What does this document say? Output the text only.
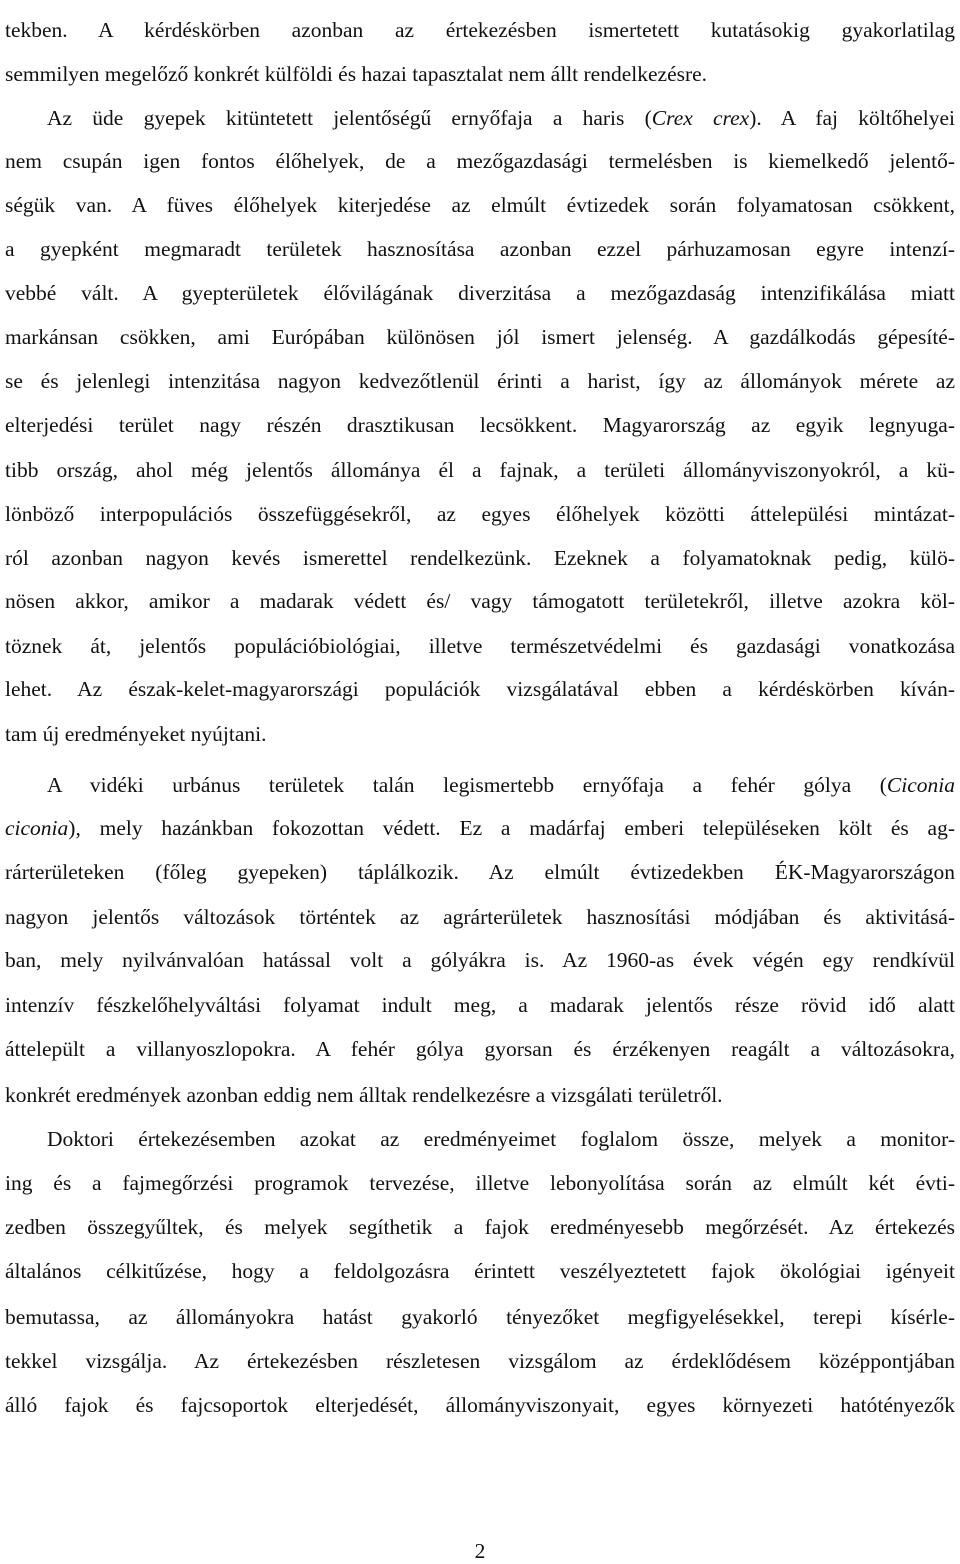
tekben. A kérdéskörben azonban az értekezésben ismertetett kutatásokig gyakorlatilag
semmilyen megelőző konkrét külföldi és hazai tapasztalat nem állt rendelkezésre.
Az üde gyepek kitüntetett jelentőségű ernyőfaja a haris (Crex crex). A faj költőhelyei
nem csupán igen fontos élőhelyek, de a mezőgazdasági termelésben is kiemelkedő jelentő-
ségük van. A füves élőhelyek kiterjedése az elmúlt évtizedek során folyamatosan csökkent,
a gyepként megmaradt területek hasznosítása azonban ezzel párhuzamosan egyre intenzí-
vebbé vált. A gyepterületek élővilágának diverzitása a mezőgazdaság intenzifikálása miatt
markánsan csökken, ami Európában különösen jól ismert jelenség. A gazdálkodás gépesíté-
se és jelenlegi intenzitása nagyon kedvezőtlenül érinti a harist, így az állományok mérete az
elterjedési terület nagy részén drasztikusan lecsökkent. Magyarország az egyik legnyuga-
tibb ország, ahol még jelentős állománya él a fajnak, a területi állományviszonyokról, a kü-
lönböző interpopulációs összefüggésekről, az egyes élőhelyek közötti áttelepülési mintázat-
ról azonban nagyon kevés ismerettel rendelkezünk. Ezeknek a folyamatoknak pedig, külö-
nösen akkor, amikor a madarak védett és/ vagy támogatott területekről, illetve azokra köl-
töznek át, jelentős populációbiológiai, illetve természetvédelmi és gazdasági vonatkozása
lehet. Az észak-kelet-magyarországi populációk vizsgálatával ebben a kérdéskörben kíván-
tam új eredményeket nyújtani.
A vidéki urbánus területek talán legismertebb ernyőfaja a fehér gólya (Ciconia
ciconia), mely hazánkban fokozottan védett. Ez a madárfaj emberi településeken költ és ag-
rárterületeken (főleg gyepeken) táplálkozik. Az elmúlt évtizedekben ÉK-Magyarországon
nagyon jelentős változások történtek az agrárterületek hasznosítási módjában és aktivitásá-
ban, mely nyilvánvalóan hatással volt a gólyákra is. Az 1960-as évek végén egy rendkívül
intenzív fészkelőhelyváltási folyamat indult meg, a madarak jelentős része rövid idő alatt
áttelepült a villanyoszlopokra. A fehér gólya gyorsan és érzékenyen reagált a változásokra,
konkrét eredmények azonban eddig nem álltak rendelkezésre a vizsgálati területről.
Doktori értekezésemben azokat az eredményeimet foglalom össze, melyek a monitor-
ing és a fajmegőrzési programok tervezése, illetve lebonyolítása során az elmúlt két évti-
zedben összegyűltek, és melyek segíthetik a fajok eredményesebb megőrzését. Az értekezés
általános célkitűzése, hogy a feldolgozásra érintett veszélyeztetett fajok ökológiai igényeit
bemutassa, az állományokra hatást gyakorló tényezőket megfigyelésekkel, terepi kísérle-
tekkel vizsgálja. Az értekezésben részletesen vizsgálom az érdeklődésem középpontjában
álló fajok és fajcsoportok elterjedését, állományviszonyait, egyes környezeti hatótényezők
2
